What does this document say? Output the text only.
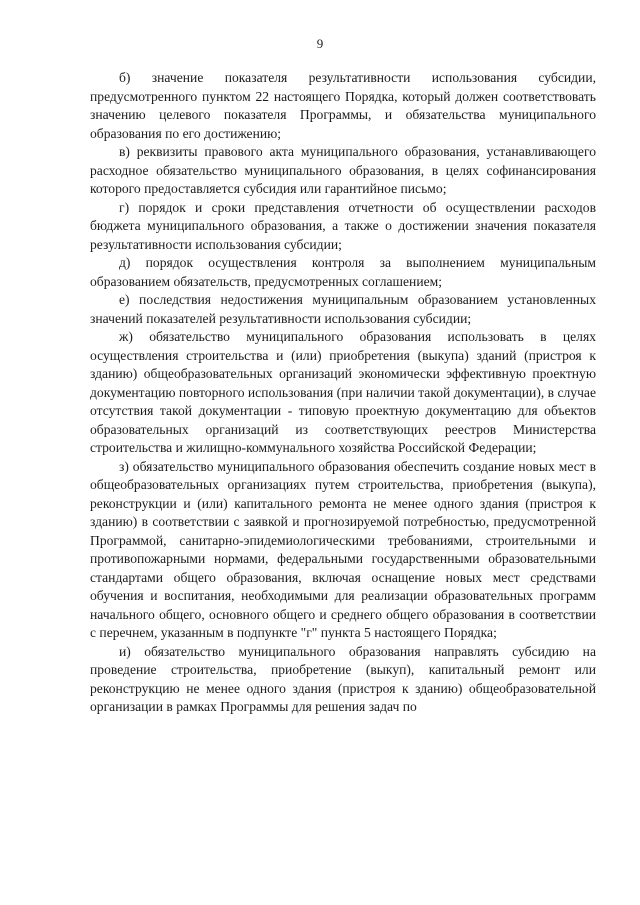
9

б) значение показателя результативности использования субсидии, предусмотренного пунктом 22 настоящего Порядка, который должен соответствовать значению целевого показателя Программы, и обязательства муниципального образования по его достижению;

в) реквизиты правового акта муниципального образования, устанавливающего расходное обязательство муниципального образования, в целях софинансирования которого предоставляется субсидия или гарантийное письмо;

г) порядок и сроки представления отчетности об осуществлении расходов бюджета муниципального образования, а также о достижении значения показателя результативности использования субсидии;

д) порядок осуществления контроля за выполнением муниципальным образованием обязательств, предусмотренных соглашением;

е) последствия недостижения муниципальным образованием установленных значений показателей результативности использования субсидии;

ж) обязательство муниципального образования использовать в целях осуществления строительства и (или) приобретения (выкупа) зданий (пристроя к зданию) общеобразовательных организаций экономически эффективную проектную документацию повторного использования (при наличии такой документации), в случае отсутствия такой документации - типовую проектную документацию для объектов образовательных организаций из соответствующих реестров Министерства строительства и жилищно-коммунального хозяйства Российской Федерации;

з) обязательство муниципального образования обеспечить создание новых мест в общеобразовательных организациях путем строительства, приобретения (выкупа), реконструкции и (или) капитального ремонта не менее одного здания (пристроя к зданию) в соответствии с заявкой и прогнозируемой потребностью, предусмотренной Программой, санитарно-эпидемиологическими требованиями, строительными и противопожарными нормами, федеральными государственными образовательными стандартами общего образования, включая оснащение новых мест средствами обучения и воспитания, необходимыми для реализации образовательных программ начального общего, основного общего и среднего общего образования в соответствии с перечнем, указанным в подпункте "г" пункта 5 настоящего Порядка;

и) обязательство муниципального образования направлять субсидию на проведение строительства, приобретение (выкуп), капитальный ремонт или реконструкцию не менее одного здания (пристроя к зданию) общеобразовательной организации в рамках Программы для решения задач по
